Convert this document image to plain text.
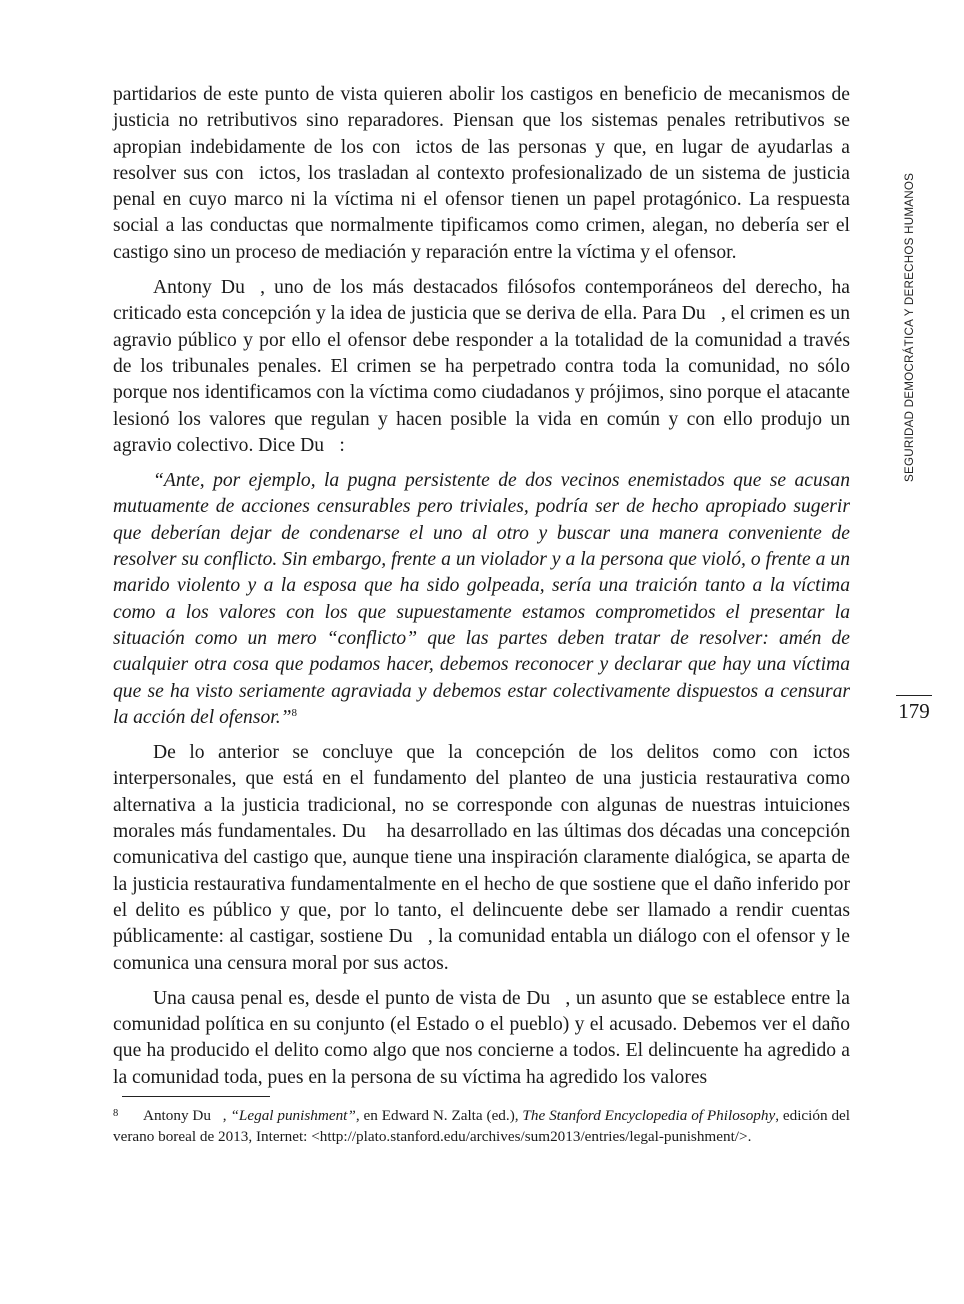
partidarios de este punto de vista quieren abolir los castigos en beneficio de mecanismos de justicia no retributivos sino reparadores. Piensan que los sistemas penales retributivos se apropian indebidamente de los con ictos de las personas y que, en lugar de ayudarlas a resolver sus con ictos, los trasladan al contexto profesionalizado de un sistema de justicia penal en cuyo marco ni la víctima ni el ofensor tienen un papel protagónico. La respuesta social a las conductas que normalmente tipificamos como crimen, alegan, no debería ser el castigo sino un proceso de mediación y reparación entre la víctima y el ofensor.

Antony Du , uno de los más destacados filósofos contemporáneos del derecho, ha criticado esta concepción y la idea de justicia que se deriva de ella. Para Du , el crimen es un agravio público y por ello el ofensor debe responder a la totalidad de la comunidad a través de los tribunales penales. El crimen se ha perpetrado contra toda la comunidad, no sólo porque nos identificamos con la víctima como ciudadanos y prójimos, sino porque el atacante lesionó los valores que regulan y hacen posible la vida en común y con ello produjo un agravio colectivo. Dice Du :

“Ante, por ejemplo, la pugna persistente de dos vecinos enemistados que se acusan mutuamente de acciones censurables pero triviales, podría ser de hecho apropiado sugerir que deberían dejar de condenarse el uno al otro y buscar una manera conveniente de resolver su conflicto. Sin embargo, frente a un violador y a la persona que violó, o frente a un marido violento y a la esposa que ha sido golpeada, sería una traición tanto a la víctima como a los valores con los que supuestamente estamos comprometidos el presentar la situación como un mero “conflicto” que las partes deben tratar de resolver: amén de cualquier otra cosa que podamos hacer, debemos reconocer y declarar que hay una víctima que se ha visto seriamente agraviada y debemos estar colectivamente dispuestos a censurar la acción del ofensor.”$^8$

De lo anterior se concluye que la concepción de los delitos como con ictos interpersonales, que está en el fundamento del planteo de una justicia restaurativa como alternativa a la justicia tradicional, no se corresponde con algunas de nuestras intuiciones morales más fundamentales. Du  ha desarrollado en las últimas dos décadas una concepción comunicativa del castigo que, aunque tiene una inspiración claramente dialógica, se aparta de la justicia restaurativa fundamentalmente en el hecho de que sostiene que el daño inferido por el delito es público y que, por lo tanto, el delincuente debe ser llamado a rendir cuentas públicamente: al castigar, sostiene Du , la comunidad entabla un diálogo con el ofensor y le comunica una censura moral por sus actos.

Una causa penal es, desde el punto de vista de Du , un asunto que se establece entre la comunidad política en su conjunto (el Estado o el pueblo) y el acusado. Debemos ver el daño que ha producido el delito como algo que nos concierne a todos. El delincuente ha agredido a la comunidad toda, pues en la persona de su víctima ha agredido los valores

SEGURIDAD DEMOCRÁTICA Y DERECHOS HUMANOS
179
8 Antony Du , “Legal punishment”, en Edward N. Zalta (ed.), The Stanford Encyclopedia of Philosophy, edición del verano boreal de 2013, Internet: <http://plato.stanford.edu/archives/sum2013/entries/legal-punishment/>.
